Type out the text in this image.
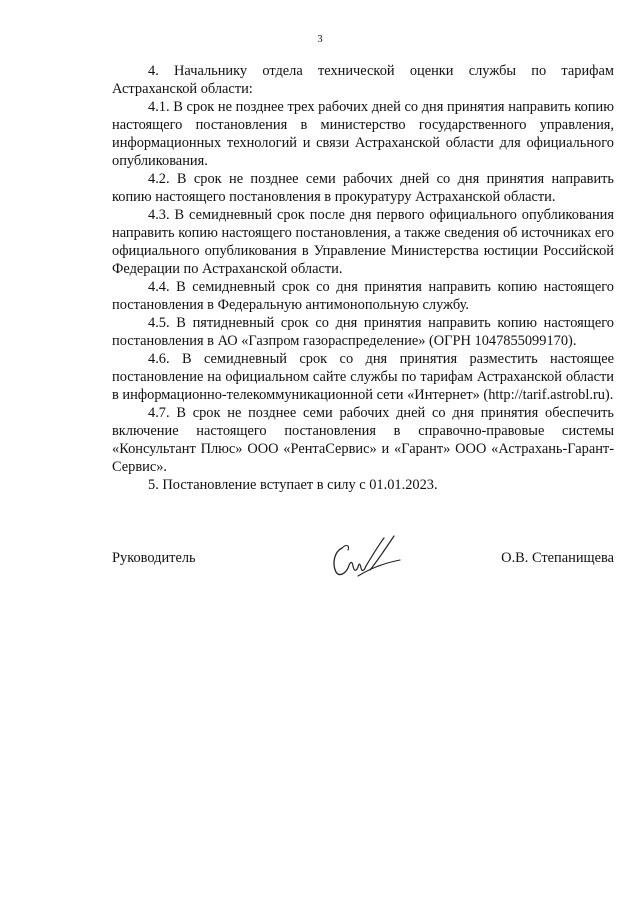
3

4. Начальнику отдела технической оценки службы по тарифам Астраханской области:

4.1. В срок не позднее трех рабочих дней со дня принятия направить копию настоящего постановления в министерство государственного управления, информационных технологий и связи Астраханской области для официального опубликования.

4.2. В срок не позднее семи рабочих дней со дня принятия направить копию настоящего постановления в прокуратуру Астраханской области.

4.3. В семидневный срок после дня первого официального опубликования направить копию настоящего постановления, а также сведения об источниках его официального опубликования в Управление Министерства юстиции Российской Федерации по Астраханской области.

4.4. В семидневный срок со дня принятия направить копию настоящего постановления в Федеральную антимонопольную службу.

4.5. В пятидневный срок со дня принятия направить копию настоящего постановления в АО «Газпром газораспределение» (ОГРН 1047855099170).

4.6. В семидневный срок со дня принятия разместить настоящее постановление на официальном сайте службы по тарифам Астраханской области в информационно-телекоммуникационной сети «Интернет» (http://tarif.astrobl.ru).

4.7. В срок не позднее семи рабочих дней со дня принятия обеспечить включение настоящего постановления в справочно-правовые системы «Консультант Плюс» ООО «РентаСервис» и «Гарант» ООО «Астрахань-Гарант-Сервис».

5. Постановление вступает в силу с 01.01.2023.

Руководитель	О.В. Степанищева
